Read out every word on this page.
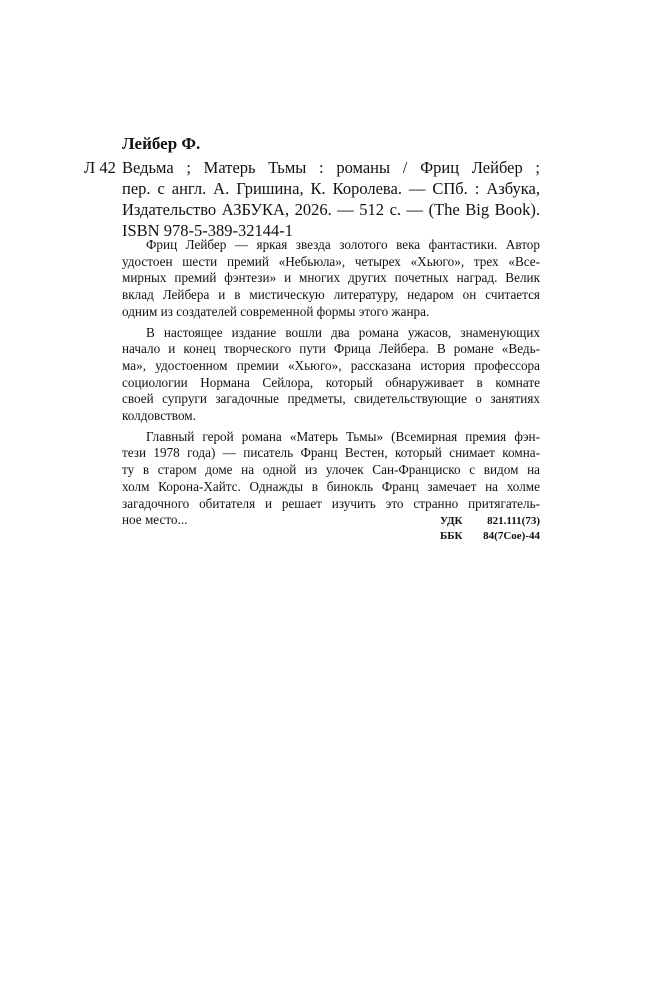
Лейбер Ф.
Л 42 Ведьма ; Матерь Тьмы : романы / Фриц Лейбер ;
пер. с англ. А. Гришина, К. Королева. — СПб. : Азбука,
Издательство АЗБУКА, 2026. — 512 с. — (The Big Book).
ISBN 978-5-389-32144-1
Фриц Лейбер — яркая звезда золотого века фантастики. Автор
удостоен шести премий «Небьюла», четырех «Хьюго», трех «Все-
мирных премий фэнтези» и многих других почетных наград. Велик
вклад Лейбера и в мистическую литературу, недаром он считается
одним из создателей современной формы этого жанра.
В настоящее издание вошли два романа ужасов, знаменующих
начало и конец творческого пути Фрица Лейбера. В романе «Ведь-
ма», удостоенном премии «Хьюго», рассказана история профессора
социологии Нормана Сейлора, который обнаруживает в комнате
своей супруги загадочные предметы, свидетельствующие о занятиях
колдовством.
Главный герой романа «Матерь Тьмы» (Всемирная премия фэн-
тези 1978 года) — писатель Франц Вестен, который снимает комна-
ту в старом доме на одной из улочек Сан-Франциско с видом на
холм Корона-Хайтс. Однажды в бинокль Франц замечает на холме
загадочного обитателя и решает изучить это странно притягатель-
ное место...	УДК 821.111(73)
ББК 84(7Сое)-44
